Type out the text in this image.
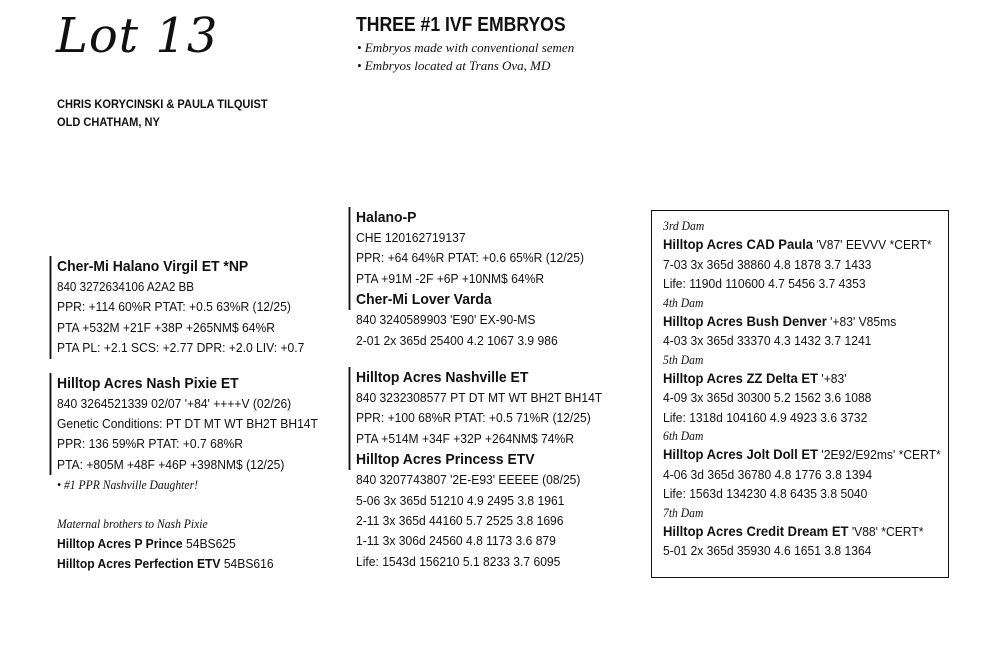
Lot 13
CHRIS KORYCINSKI & PAULA TILQUIST
OLD CHATHAM, NY
THREE #1 IVF EMBRYOS
• Embryos made with conventional semen
• Embryos located at Trans Ova, MD
Cher-Mi Halano Virgil ET *NP
840 3272634106 A2A2 BB
PPR: +114 60%R PTAT: +0.5 63%R (12/25)
PTA +532M +21F +38P +265NM$ 64%R
PTA PL: +2.1 SCS: +2.77 DPR: +2.0 LIV: +0.7
Hilltop Acres Nash Pixie ET
840 3264521339 02/07 '+84' ++++V (02/26)
Genetic Conditions: PT DT MT WT BH2T BH14T
PPR: 136 59%R PTAT: +0.7 68%R
PTA: +805M +48F +46P +398NM$ (12/25)
• #1 PPR Nashville Daughter!
Maternal brothers to Nash Pixie
Hilltop Acres P Prince 54BS625
Hilltop Acres Perfection ETV 54BS616
Halano-P
CHE 120162719137
PPR: +64 64%R PTAT: +0.6 65%R (12/25)
PTA +91M -2F +6P +10NM$ 64%R
Cher-Mi Lover Varda
840 3240589903 'E90' EX-90-MS
2-01 2x 365d 25400 4.2 1067 3.9 986
Hilltop Acres Nashville ET
840 3232308577 PT DT MT WT BH2T BH14T
PPR: +100 68%R PTAT: +0.5 71%R (12/25)
PTA +514M +34F +32P +264NM$ 74%R
Hilltop Acres Princess ETV
840 3207743807 '2E-E93' EEEEE (08/25)
5-06 3x 365d 51210 4.9 2495 3.8 1961
2-11 3x 365d 44160 5.7 2525 3.8 1696
1-11 3x 306d 24560 4.8 1173 3.6 879
Life: 1543d 156210 5.1 8233 3.7 6095
3rd Dam
Hilltop Acres CAD Paula 'V87' EEVVV *CERT*
7-03 3x 365d 38860 4.8 1878 3.7 1433
Life: 1190d 110600 4.7 5456 3.7 4353
4th Dam
Hilltop Acres Bush Denver '+83' V85ms
4-03 3x 365d 33370 4.3 1432 3.7 1241
5th Dam
Hilltop Acres ZZ Delta ET '+83'
4-09 3x 365d 30300 5.2 1562 3.6 1088
Life: 1318d 104160 4.9 4923 3.6 3732
6th Dam
Hilltop Acres Jolt Doll ET '2E92/E92ms' *CERT*
4-06 3d 365d 36780 4.8 1776 3.8 1394
Life: 1563d 134230 4.8 6435 3.8 5040
7th Dam
Hilltop Acres Credit Dream ET 'V88' *CERT*
5-01 2x 365d 35930 4.6 1651 3.8 1364
